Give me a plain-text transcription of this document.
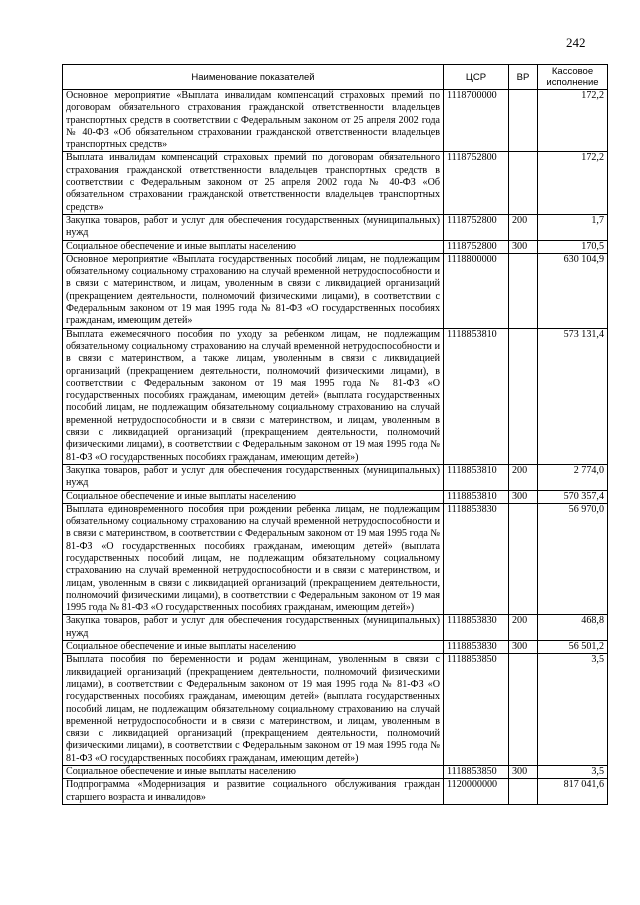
242
Наименование показателей	ЦСР	ВР	Кассовое исполнение
Основное мероприятие «Выплата инвалидам компенсаций страховых премий по договорам обязательного страхования гражданской ответственности владельцев транспортных средств в соответствии с Федеральным законом от 25 апреля 2002 года № 40-ФЗ «Об обязательном страховании гражданской ответственности владельцев транспортных средств»	1118700000		172,2
Выплата инвалидам компенсаций страховых премий по договорам обязательного страхования гражданской ответственности владельцев транспортных средств в соответствии с Федеральным законом от 25 апреля 2002 года № 40-ФЗ «Об обязательном страховании гражданской ответственности владельцев транспортных средств»	1118752800		172,2
Закупка товаров, работ и услуг для обеспечения государственных (муниципальных) нужд	1118752800	200	1,7
Социальное обеспечение и иные выплаты населению	1118752800	300	170,5
Основное мероприятие «Выплата государственных пособий лицам, не подлежащим обязательному социальному страхованию на случай временной нетрудоспособности и в связи с материнством, и лицам, уволенным в связи с ликвидацией организаций (прекращением деятельности, полномочий физическими лицами), в соответствии с Федеральным законом от 19 мая 1995 года № 81-ФЗ «О государственных пособиях гражданам, имеющим детей»	1118800000		630 104,9
Выплата ежемесячного пособия по уходу за ребенком лицам, не подлежащим обязательному социальному страхованию на случай временной нетрудоспособности и в связи с материнством, а также лицам, уволенным в связи с ликвидацией организаций (прекращением деятельности, полномочий физическими лицами), в соответствии с Федеральным законом от 19 мая 1995 года № 81-ФЗ «О государственных пособиях гражданам, имеющим детей» (выплата государственных пособий лицам, не подлежащим обязательному социальному страхованию на случай временной нетрудоспособности и в связи с материнством, и лицам, уволенным в связи с ликвидацией организаций (прекращением деятельности, полномочий физическими лицами), в соответствии с Федеральным законом от 19 мая 1995 года № 81-ФЗ «О государственных пособиях гражданам, имеющим детей»)	1118853810		573 131,4
Закупка товаров, работ и услуг для обеспечения государственных (муниципальных) нужд	1118853810	200	2 774,0
Социальное обеспечение и иные выплаты населению	1118853810	300	570 357,4
Выплата единовременного пособия при рождении ребенка лицам, не подлежащим обязательному социальному страхованию на случай временной нетрудоспособности и в связи с материнством, в соответствии с Федеральным законом от 19 мая 1995 года № 81-ФЗ «О государственных пособиях гражданам, имеющим детей» (выплата государственных пособий лицам, не подлежащим обязательному социальному страхованию на случай временной нетрудоспособности и в связи с материнством, и лицам, уволенным в связи с ликвидацией организаций (прекращением деятельности, полномочий физическими лицами), в соответствии с Федеральным законом от 19 мая 1995 года № 81-ФЗ «О государственных пособиях гражданам, имеющим детей»)	1118853830		56 970,0
Закупка товаров, работ и услуг для обеспечения государственных (муниципальных) нужд	1118853830	200	468,8
Социальное обеспечение и иные выплаты населению	1118853830	300	56 501,2
Выплата пособия по беременности и родам женщинам, уволенным в связи с ликвидацией организаций (прекращением деятельности, полномочий физическими лицами), в соответствии с Федеральным законом от 19 мая 1995 года № 81-ФЗ «О государственных пособиях гражданам, имеющим детей» (выплата государственных пособий лицам, не подлежащим обязательному социальному страхованию на случай временной нетрудоспособности и в связи с материнством, и лицам, уволенным в связи с ликвидацией организаций (прекращением деятельности, полномочий физическими лицами), в соответствии с Федеральным законом от 19 мая 1995 года № 81-ФЗ «О государственных пособиях гражданам, имеющим детей»)	1118853850		3,5
Социальное обеспечение и иные выплаты населению	1118853850	300	3,5
Подпрограмма «Модернизация и развитие социального обслуживания граждан старшего возраста и инвалидов»	1120000000		817 041,6
